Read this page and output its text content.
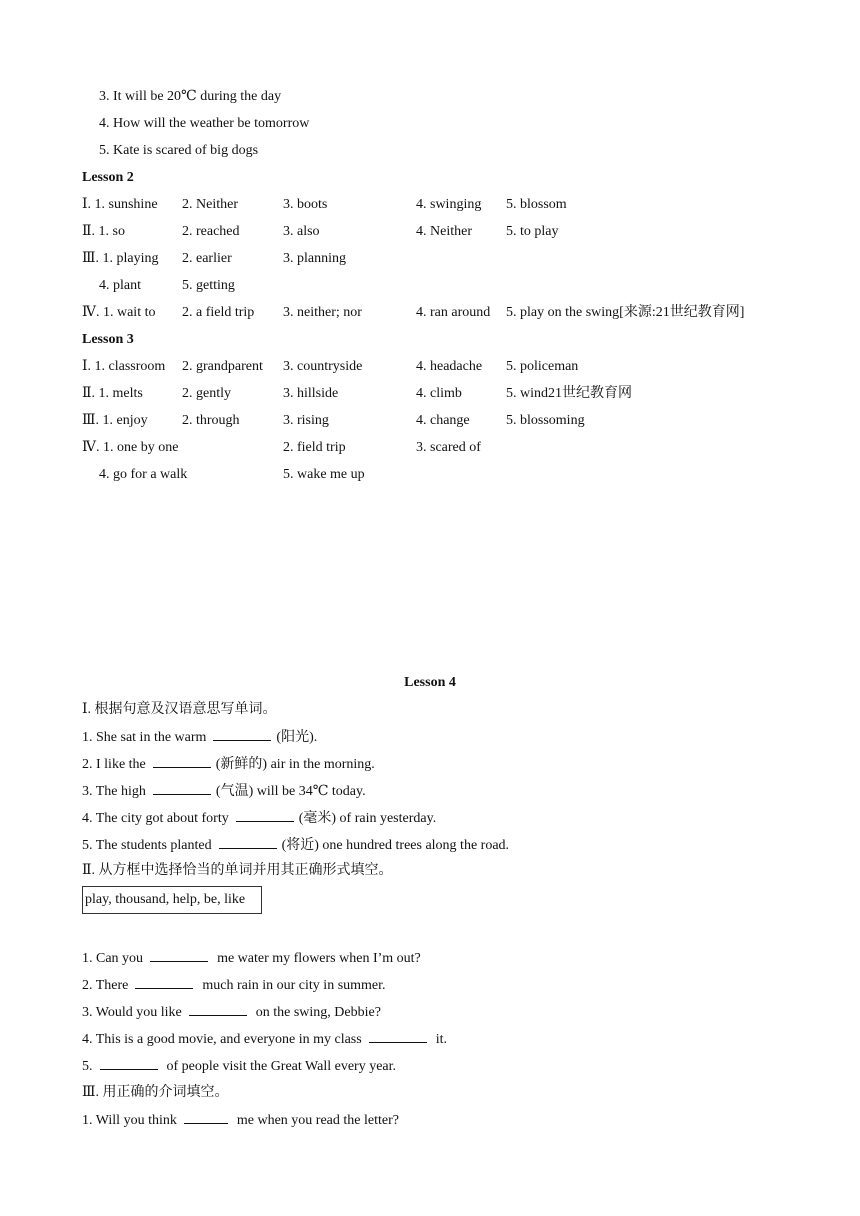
3. It will be 20℃ during the day
4. How will the weather be tomorrow
5. Kate is scared of big dogs
Lesson 2
Ⅰ. 1. sunshine 2. Neither	3. boots	4. swinging 5. blossom
Ⅱ. 1. so	2. reached	3. also	4. Neither 5. to play
Ⅲ. 1. playing 2. earlier	3. planning
4. plant	5. getting
Ⅳ. 1. wait to 2. a field trip 3. neither; nor	4. ran around 5. play on the swing[来源:21世纪教育网]
Lesson 3
Ⅰ. 1. classroom 2. grandparent 3. countryside	4. headache 5. policeman
Ⅱ. 1. melts	2. gently	3. hillside	4. climb	5. wind21世纪教育网
Ⅲ. 1. enjoy 2. through	3. rising	4. change	5. blossoming
Ⅳ. 1. one by one	2. field trip	3. scared of
4. go for a walk	5. wake me up
Lesson 4
Ⅰ. 根据句意及汉语意思写单词。
1. She sat in the warm	(阳光).
2. I like the	(新鲜的) air in the morning.
3. The high	(气温) will be 34℃ today.
4. The city got about forty	(毫米) of rain yesterday.
5. The students planted	(将近) one hundred trees along the road.
Ⅱ. 从方框中选择恰当的单词并用其正确形式填空。
play, thousand, help, be, like
1. Can you	me water my flowers when I’m out?
2. There	much rain in our city in summer.
3. Would you like	on the swing, Debbie?
4. This is a good movie, and everyone in my class	it.
5.	of people visit the Great Wall every year.
Ⅲ. 用正确的介词填空。
1. Will you think	me when you read the letter?
